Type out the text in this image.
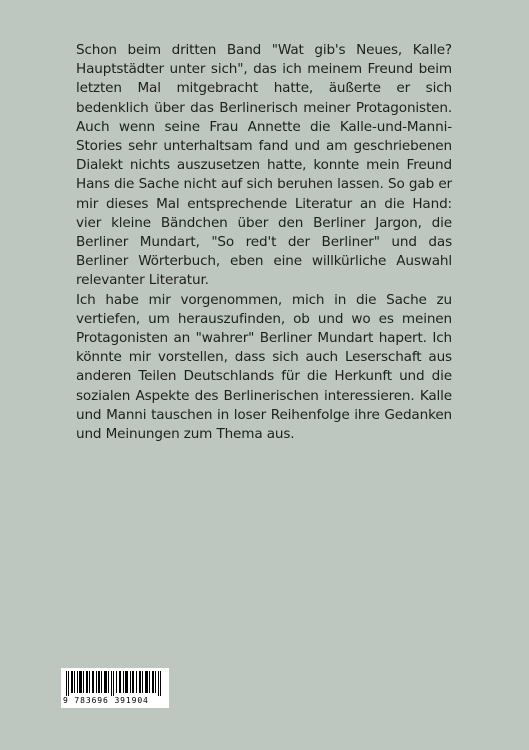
Schon beim dritten Band "Wat gib's Neues, Kalle? Hauptstädter unter sich", das ich meinem Freund beim letzten Mal mitgebracht hatte, äußerte er sich bedenklich über das Berlinerisch meiner Protagonisten. Auch wenn seine Frau Annette die Kalle-und-Manni-Stories sehr unterhaltsam fand und am geschriebenen Dialekt nichts auszusetzen hatte, konnte mein Freund Hans die Sache nicht auf sich beruhen lassen. So gab er mir dieses Mal entsprechende Literatur an die Hand: vier kleine Bändchen über den Berliner Jargon, die Berliner Mundart, "So red't der Berliner" und das Berliner Wörterbuch, eben eine willkürliche Auswahl relevanter Literatur.

Ich habe mir vorgenommen, mich in die Sache zu vertiefen, um herauszufinden, ob und wo es meinen Protagonisten an "wahrer" Berliner Mundart hapert. Ich könnte mir vorstellen, dass sich auch Leserschaft aus anderen Teilen Deutschlands für die Herkunft und die sozialen Aspekte des Berlinerischen interessieren. Kalle und Manni tauschen in loser Reihenfolge ihre Gedanken und Meinungen zum Thema aus.

9 783696 391904
